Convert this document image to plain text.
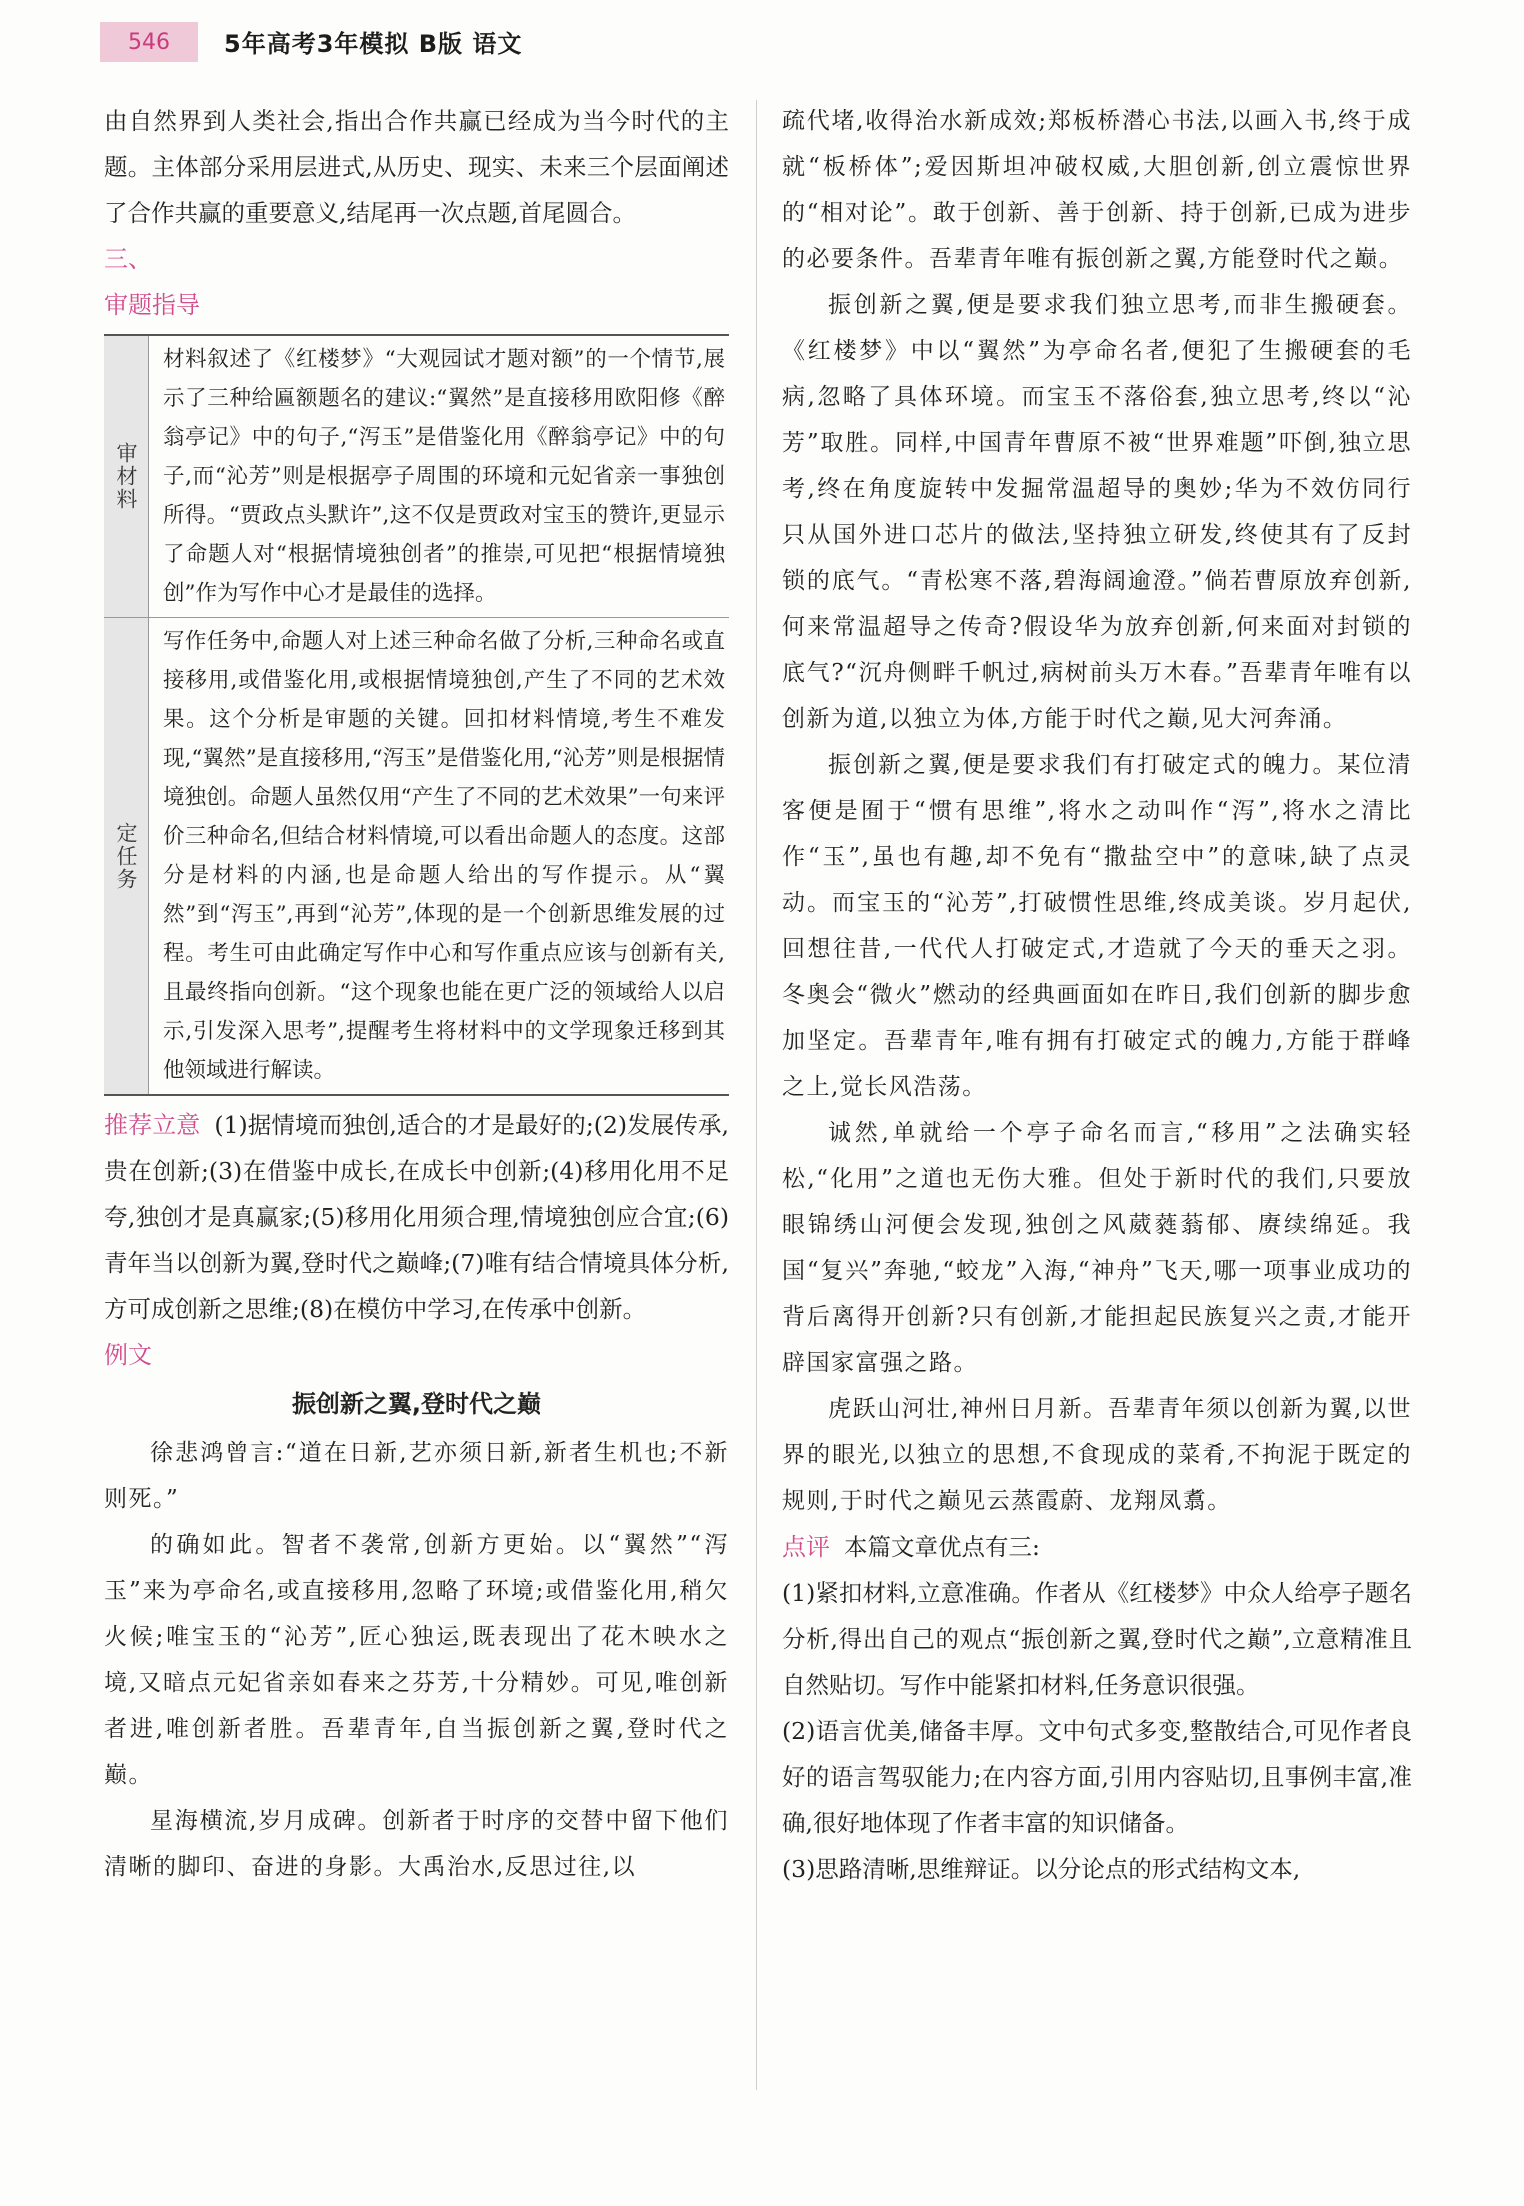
546	5年高考3年模拟 B版 语文

由自然界到人类社会,指出合作共赢已经成为当今时代的主题。主体部分采用层进式,从历史、现实、未来三个层面阐述了合作共赢的重要意义,结尾再一次点题,首尾圆合。

三、
审题指导
审材料	材料叙述了《红楼梦》“大观园试才题对额”的一个情节,展示了三种给匾额题名的建议:“翼然”是直接移用欧阳修《醉翁亭记》中的句子,“泻玉”是借鉴化用《醉翁亭记》中的句子,而“沁芳”则是根据亭子周围的环境和元妃省亲一事独创所得。“贾政点头默许”,这不仅是贾政对宝玉的赞许,更显示了命题人对“根据情境独创者”的推崇,可见把“根据情境独创”作为写作中心才是最佳的选择。
定任务	写作任务中,命题人对上述三种命名做了分析,三种命名或直接移用,或借鉴化用,或根据情境独创,产生了不同的艺术效果。这个分析是审题的关键。回扣材料情境,考生不难发现,“翼然”是直接移用,“泻玉”是借鉴化用,“沁芳”则是根据情境独创。命题人虽然仅用“产生了不同的艺术效果”一句来评价三种命名,但结合材料情境,可以看出命题人的态度。这部分是材料的内涵,也是命题人给出的写作提示。从“翼然”到“泻玉”,再到“沁芳”,体现的是一个创新思维发展的过程。考生可由此确定写作中心和写作重点应该与创新有关,且最终指向创新。“这个现象也能在更广泛的领域给人以启示,引发深入思考”,提醒考生将材料中的文学现象迁移到其他领域进行解读。

推荐立意 (1)据情境而独创,适合的才是最好的;(2)发展传承,贵在创新;(3)在借鉴中成长,在成长中创新;(4)移用化用不足夸,独创才是真赢家;(5)移用化用须合理,情境独创应合宜;(6)青年当以创新为翼,登时代之巅峰;(7)唯有结合情境具体分析,方可成创新之思维;(8)在模仿中学习,在传承中创新。

例文
振创新之翼,登时代之巅

徐悲鸿曾言:“道在日新,艺亦须日新,新者生机也;不新则死。”

的确如此。智者不袭常,创新方更始。以“翼然”“泻玉”来为亭命名,或直接移用,忽略了环境;或借鉴化用,稍欠火候;唯宝玉的“沁芳”,匠心独运,既表现出了花木映水之境,又暗点元妃省亲如春来之芬芳,十分精妙。可见,唯创新者进,唯创新者胜。吾辈青年,自当振创新之翼,登时代之巅。

星海横流,岁月成碑。创新者于时序的交替中留下他们清晰的脚印、奋进的身影。大禹治水,反思过往,以

疏代堵,收得治水新成效;郑板桥潜心书法,以画入书,终于成就“板桥体”;爱因斯坦冲破权威,大胆创新,创立震惊世界的“相对论”。敢于创新、善于创新、持于创新,已成为进步的必要条件。吾辈青年唯有振创新之翼,方能登时代之巅。

振创新之翼,便是要求我们独立思考,而非生搬硬套。《红楼梦》中以“翼然”为亭命名者,便犯了生搬硬套的毛病,忽略了具体环境。而宝玉不落俗套,独立思考,终以“沁芳”取胜。同样,中国青年曹原不被“世界难题”吓倒,独立思考,终在角度旋转中发掘常温超导的奥妙;华为不效仿同行只从国外进口芯片的做法,坚持独立研发,终使其有了反封锁的底气。“青松寒不落,碧海阔逾澄。”倘若曹原放弃创新,何来常温超导之传奇?假设华为放弃创新,何来面对封锁的底气?“沉舟侧畔千帆过,病树前头万木春。”吾辈青年唯有以创新为道,以独立为体,方能于时代之巅,见大河奔涌。

振创新之翼,便是要求我们有打破定式的魄力。某位清客便是囿于“惯有思维”,将水之动叫作“泻”,将水之清比作“玉”,虽也有趣,却不免有“撒盐空中”的意味,缺了点灵动。而宝玉的“沁芳”,打破惯性思维,终成美谈。岁月起伏,回想往昔,一代代人打破定式,才造就了今天的垂天之羽。冬奥会“微火”燃动的经典画面如在昨日,我们创新的脚步愈加坚定。吾辈青年,唯有拥有打破定式的魄力,方能于群峰之上,觉长风浩荡。

诚然,单就给一个亭子命名而言,“移用”之法确实轻松,“化用”之道也无伤大雅。但处于新时代的我们,只要放眼锦绣山河便会发现,独创之风葳蕤蓊郁、赓续绵延。我国“复兴”奔驰,“蛟龙”入海,“神舟”飞天,哪一项事业成功的背后离得开创新?只有创新,才能担起民族复兴之责,才能开辟国家富强之路。

虎跃山河壮,神州日月新。吾辈青年须以创新为翼,以世界的眼光,以独立的思想,不食现成的菜肴,不拘泥于既定的规则,于时代之巅见云蒸霞蔚、龙翔凤翥。

点评 本篇文章优点有三:

(1)紧扣材料,立意准确。作者从《红楼梦》中众人给亭子题名分析,得出自己的观点“振创新之翼,登时代之巅”,立意精准且自然贴切。写作中能紧扣材料,任务意识很强。

(2)语言优美,储备丰厚。文中句式多变,整散结合,可见作者良好的语言驾驭能力;在内容方面,引用内容贴切,且事例丰富,准确,很好地体现了作者丰富的知识储备。

(3)思路清晰,思维辩证。以分论点的形式结构文本,
